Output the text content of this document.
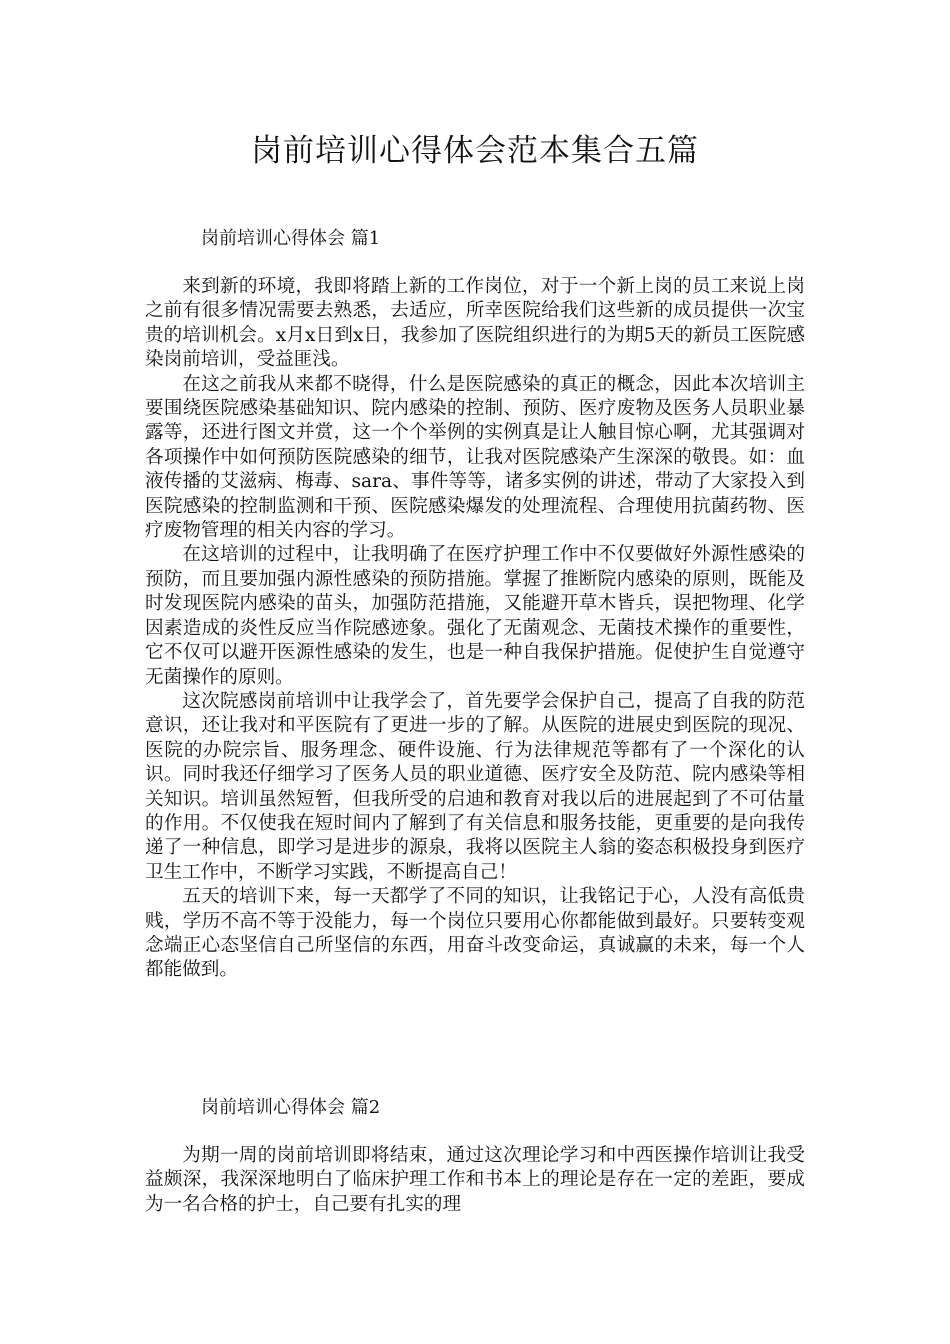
岗前培训心得体会范本集合五篇
岗前培训心得体会 篇1

来到新的环境，我即将踏上新的工作岗位，对于一个新上岗的员工来说上岗之前有很多情况需要去熟悉，去适应，所幸医院给我们这些新的成员提供一次宝贵的培训机会。x月x日到x日，我参加了医院组织进行的为期5天的新员工医院感染岗前培训，受益匪浅。

在这之前我从来都不晓得，什么是医院感染的真正的概念，因此本次培训主要围绕医院感染基础知识、院内感染的控制、预防、医疗废物及医务人员职业暴露等，还进行图文并赏，这一个个举例的实例真是让人触目惊心啊，尤其强调对各项操作中如何预防医院感染的细节，让我对医院感染产生深深的敬畏。如：血液传播的艾滋病、梅毒、sara、事件等等，诸多实例的讲述，带动了大家投入到医院感染的控制监测和干预、医院感染爆发的处理流程、合理使用抗菌药物、医疗废物管理的相关内容的学习。

在这培训的过程中，让我明确了在医疗护理工作中不仅要做好外源性感染的预防，而且要加强内源性感染的预防措施。掌握了推断院内感染的原则，既能及时发现医院内感染的苗头，加强防范措施，又能避开草木皆兵，误把物理、化学因素造成的炎性反应当作院感迹象。强化了无菌观念、无菌技术操作的重要性，它不仅可以避开医源性感染的发生，也是一种自我保护措施。促使护生自觉遵守无菌操作的原则。

这次院感岗前培训中让我学会了，首先要学会保护自己，提高了自我的防范意识，还让我对和平医院有了更进一步的了解。从医院的进展史到医院的现况、医院的办院宗旨、服务理念、硬件设施、行为法律规范等都有了一个深化的认识。同时我还仔细学习了医务人员的职业道德、医疗安全及防范、院内感染等相关知识。培训虽然短暂，但我所受的启迪和教育对我以后的进展起到了不可估量的作用。不仅使我在短时间内了解到了有关信息和服务技能，更重要的是向我传递了一种信息，即学习是进步的源泉，我将以医院主人翁的姿态积极投身到医疗卫生工作中，不断学习实践，不断提高自己！

五天的培训下来，每一天都学了不同的知识，让我铭记于心，人没有高低贵贱，学历不高不等于没能力，每一个岗位只要用心你都能做到最好。只要转变观念端正心态坚信自己所坚信的东西，用奋斗改变命运，真诚赢的未来，每一个人都能做到。

岗前培训心得体会 篇2

为期一周的岗前培训即将结束，通过这次理论学习和中西医操作培训让我受益颇深，我深深地明白了临床护理工作和书本上的理论是存在一定的差距，要成为一名合格的护士，自己要有扎实的理
